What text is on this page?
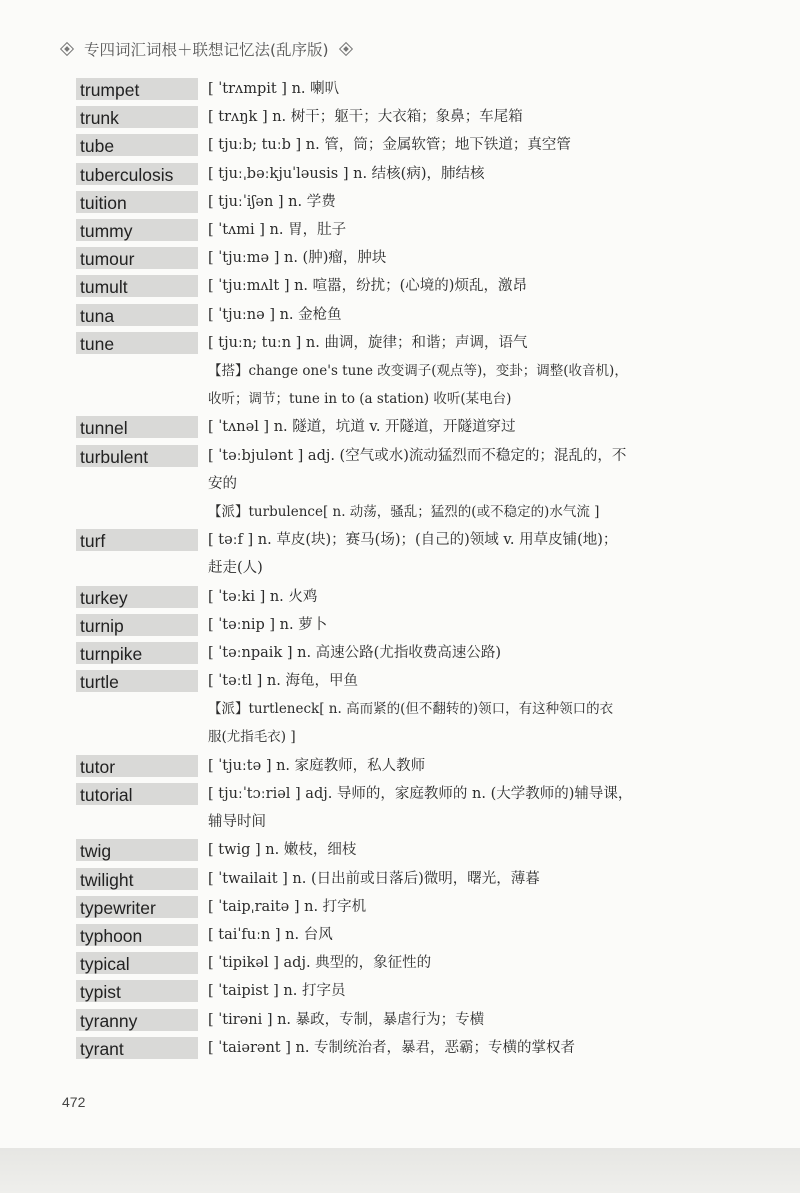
专四词汇词根＋联想记忆法(乱序版)
trumpet	[ ˈtrʌmpit ] n. 喇叭
trunk	[ trʌŋk ] n. 树干；躯干；大衣箱；象鼻；车尾箱
tube	[ tjuːb; tuːb ] n. 管，筒；金属软管；地下铁道；真空管
tuberculosis [ tjuːˌbəːkjuˈləusis ] n. 结核(病)，肺结核
tuition	[ tjuːˈiʃən ] n. 学费
tummy	[ ˈtʌmi ] n. 胃，肚子
tumour	[ ˈtjuːmə ] n. (肿)瘤，肿块
tumult	[ ˈtjuːmʌlt ] n. 喧嚣，纷扰；(心境的)烦乱，激昂
tuna	[ ˈtjuːnə ] n. 金枪鱼
tune	[ tjuːn; tuːn ] n. 曲调，旋律；和谐；声调，语气
【搭】change one's tune 改变调子(观点等)，变卦；调整(收音机)，
收听；调节；tune in to (a station) 收听(某电台)
tunnel	[ ˈtʌnəl ] n. 隧道，坑道 v. 开隧道，开隧道穿过
turbulent	[ ˈtəːbjulənt ] adj. (空气或水)流动猛烈而不稳定的；混乱的，不
安的
【派】turbulence[ n. 动荡，骚乱；猛烈的(或不稳定的)水气流 ]
turf	[ təːf ] n. 草皮(块)；赛马(场)；(自己的)领域 v. 用草皮铺(地)；
赶走(人)
turkey	[ ˈtəːki ] n. 火鸡
turnip	[ ˈtəːnip ] n. 萝卜
turnpike	[ ˈtəːnpaik ] n. 高速公路(尤指收费高速公路)
turtle	[ ˈtəːtl ] n. 海龟，甲鱼
【派】turtleneck[ n. 高而紧的(但不翻转的)领口，有这种领口的衣
服(尤指毛衣) ]
tutor	[ ˈtjuːtə ] n. 家庭教师，私人教师
tutorial	[ tjuːˈtɔːriəl ] adj. 导师的，家庭教师的 n. (大学教师的)辅导课，
辅导时间
twig	[ twig ] n. 嫩枝，细枝
twilight	[ ˈtwailait ] n. (日出前或日落后)微明，曙光，薄暮
typewriter	[ ˈtaipˌraitə ] n. 打字机
typhoon	[ taiˈfuːn ] n. 台风
typical	[ ˈtipikəl ] adj. 典型的，象征性的
typist	[ ˈtaipist ] n. 打字员
tyranny	[ ˈtirəni ] n. 暴政，专制，暴虐行为；专横
tyrant	[ ˈtaiərənt ] n. 专制统治者，暴君，恶霸；专横的掌权者
472
